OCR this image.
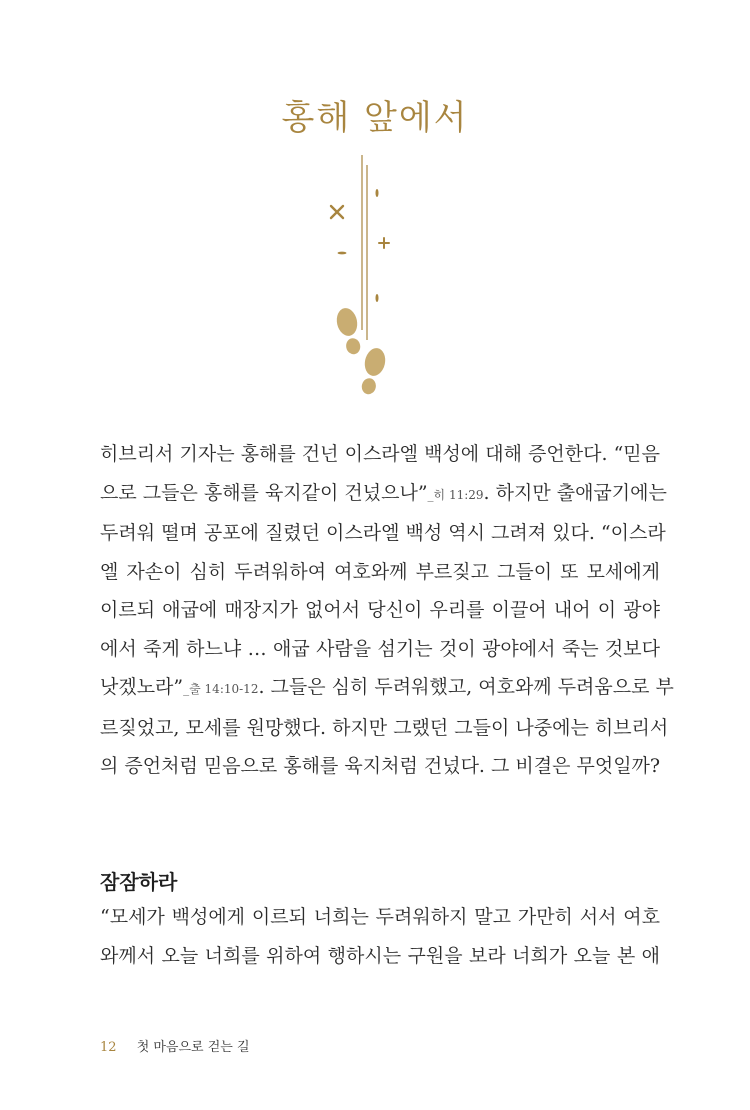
홍해 앞에서
히브리서 기자는 홍해를 건넌 이스라엘 백성에 대해 증언한다. “믿음
으로 그들은 홍해를 육지같이 건넜으나”_히 11:29. 하지만 출애굽기에는
두려워 떨며 공포에 질렸던 이스라엘 백성 역시 그려져 있다. “이스라
엘 자손이 심히 두려워하여 여호와께 부르짖고 그들이 또 모세에게
이르되 애굽에 매장지가 없어서 당신이 우리를 이끌어 내어 이 광야
에서 죽게 하느냐 … 애굽 사람을 섬기는 것이 광야에서 죽는 것보다
낫겠노라”_출 14:10-12. 그들은 심히 두려워했고, 여호와께 두려움으로 부
르짖었고, 모세를 원망했다. 하지만 그랬던 그들이 나중에는 히브리서
의 증언처럼 믿음으로 홍해를 육지처럼 건넜다. 그 비결은 무엇일까?
잠잠하라
“모세가 백성에게 이르되 너희는 두려워하지 말고 가만히 서서 여호
와께서 오늘 너희를 위하여 행하시는 구원을 보라 너희가 오늘 본 애
12 첫 마음으로 걷는 길
